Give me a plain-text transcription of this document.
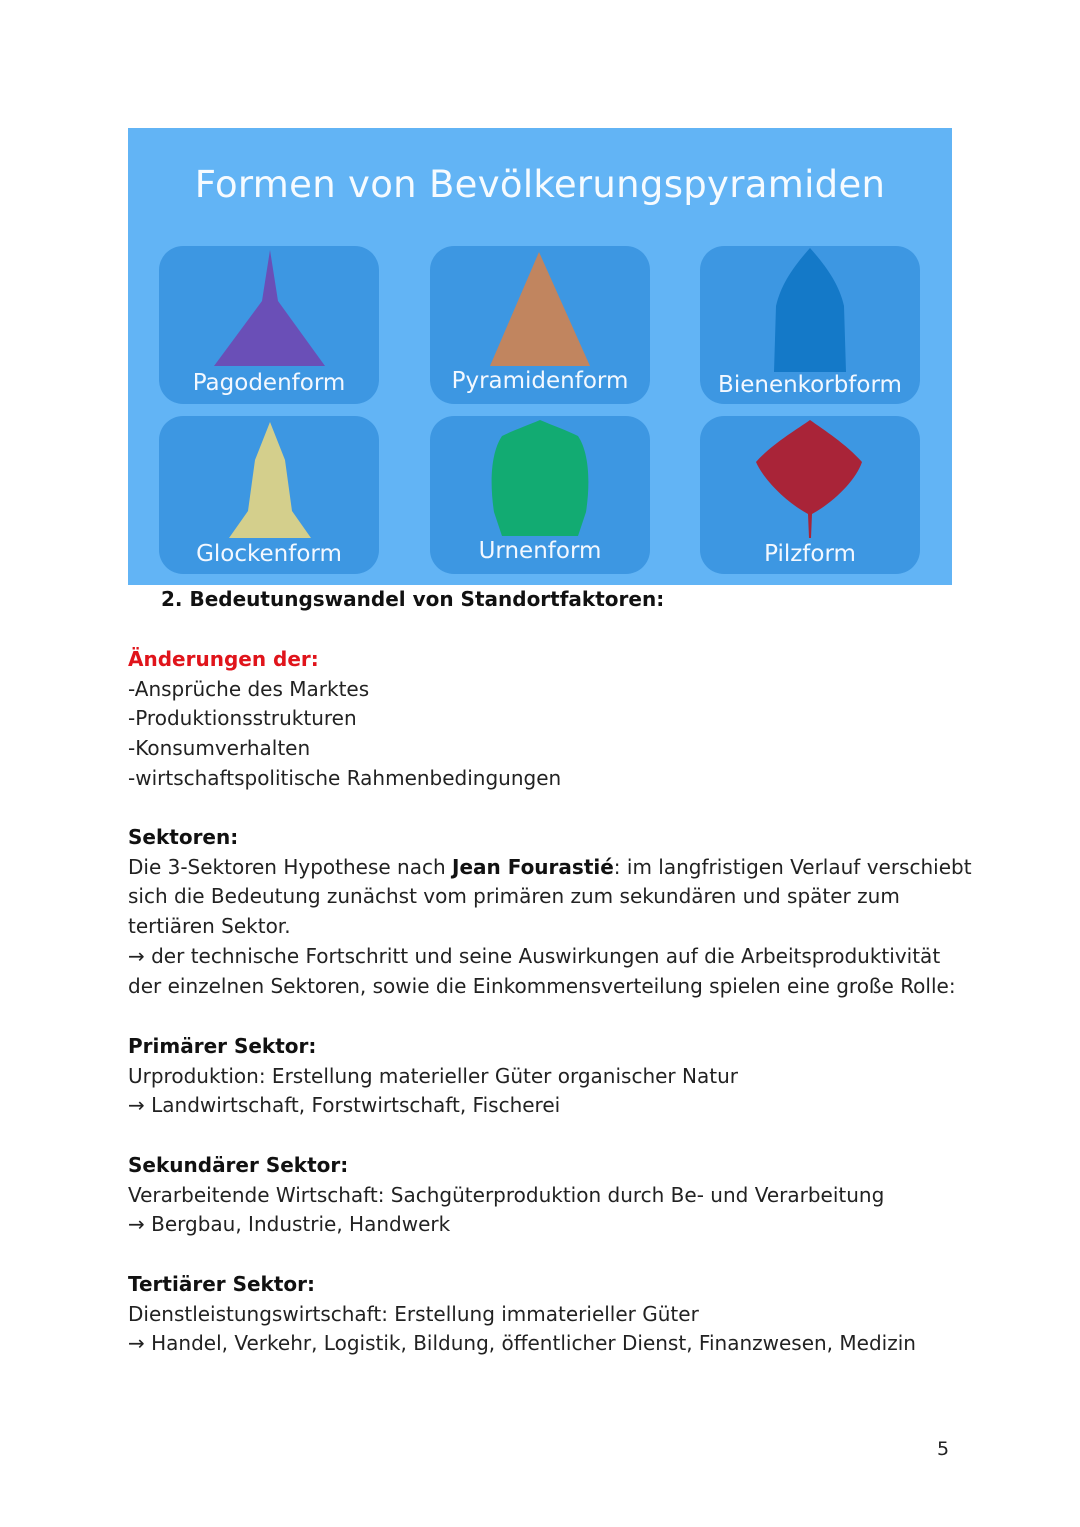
Formen von Bevölkerungspyramiden
Pagodenform	Pyramidenform	Bienenkorbform
Glockenform	Urnenform	Pilzform
2. Bedeutungswandel von Standortfaktoren:
Änderungen der:
-Ansprüche des Marktes
-Produktionsstrukturen
-Konsumverhalten
-wirtschaftspolitische Rahmenbedingungen
Sektoren:
Die 3-Sektoren Hypothese nach Jean Fourastié: im langfristigen Verlauf verschiebt
sich die Bedeutung zunächst vom primären zum sekundären und später zum
tertiären Sektor.
→ der technische Fortschritt und seine Auswirkungen auf die Arbeitsproduktivität
der einzelnen Sektoren, sowie die Einkommensverteilung spielen eine große Rolle:
Primärer Sektor:
Urproduktion: Erstellung materieller Güter organischer Natur
→ Landwirtschaft, Forstwirtschaft, Fischerei
Sekundärer Sektor:
Verarbeitende Wirtschaft: Sachgüterproduktion durch Be- und Verarbeitung
→ Bergbau, Industrie, Handwerk
Tertiärer Sektor:
Dienstleistungswirtschaft: Erstellung immaterieller Güter
→ Handel, Verkehr, Logistik, Bildung, öffentlicher Dienst, Finanzwesen, Medizin
5
